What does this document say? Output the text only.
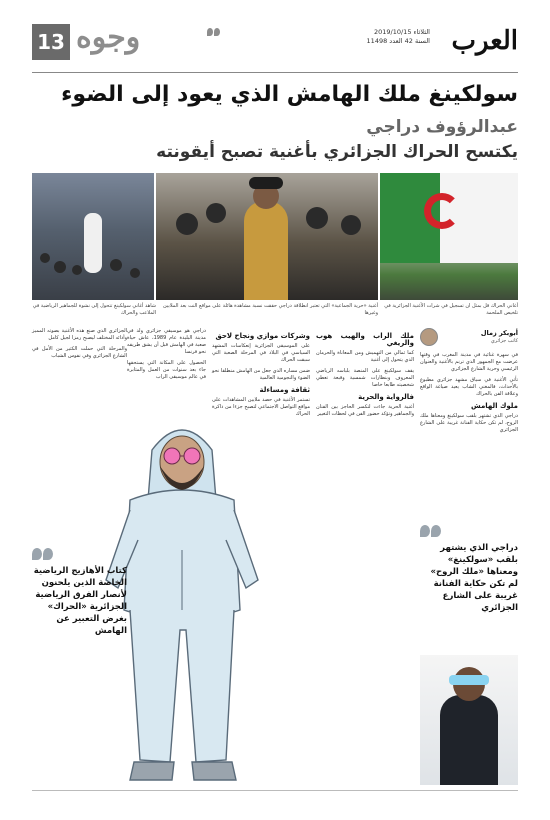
13 وجوه	الثلاثاء 2019/10/15
السنة 42 العدد 11498 العرب
سولكينغ ملك الهامش الذي يعود إلى الضوء
عبدالرؤوف دراجي
يكتسح الحراك الجزائري بأغنية تصبح أيقونته
أغاني الحراك قل بمثل ان تسجيل في شرات الأغنية الجزائرية في تلخيص الملحمة
أغنية «حرية الجماعية» التي تعتبر انطلاقة دراجي حققت نسبة مشاهدة هائلة على مواقع النت بعد الملايين وغيرها
شاهد أغاني سولكينغ تتحول إلى نشوة للجماهير الرياضية في الملاعب والحراك
أبوبكر زمال
كاتب جزائري

في سهرة غنائية في مدينة المغرب في وقتها عرضت مع الجمهور الذي ترنم بالأغنية والعنوان الرئيسي وحرية الشارع الجزائري

تأتي الأغنية في سياق مشهد جزائري مطبوع بالأحداث، فالمغني الشاب يعيد صياغة الواقع وعلاقة الفن بالحراك

ملوك الهامش

دراجي الذي تشتهر بلقب سولكينغ ومعناها ملك الروح، لم تكن حكاية الفنانة غريبة على الشارع الجزائري

ملك الراب والهيب هوب والريغي

كما ثمالي من التهميش ومن المعاناة والحرمان الذي يتحول إلى أغنية

يقف سولكينغ على المنصة بلباسه الرياضي المعروف وبنظارات شمسية وقبعة تعطي شخصيته طابعا خاصا

فالرواية والحرية

أغنية الحرية جاءت لتكسر الحاجز بين الفنان والجماهير وتؤكد حضور الفن في لحظات التغيير

وشركات موازي ونجاح لاحق

على الموسيقى الجزائرية إنعكاسات المشهد السياسي في البلاد في المرحلة الصعبة التي سبقت الحراك

ضمن مساره الذي جعل من الهامش منطلقا نحو الضوء والنجومية العالمية

ثقافة ومساءلة

تستمر الأغنية في حصد ملايين المشاهدات على مواقع التواصل الاجتماعي لتصبح جزءا من ذاكرة الحراك

الجزائري الذي صنع هذه الأغنية بصوته المميز وأدائه المختلف ليصبح رمزا لجيل كامل

والمرحلة التي حملت الكثير من الأمل في الشارع الجزائري وفي نفوس الشباب

دراجي هو موسيقي جزائري ولد في مدينة البليدة عام 1989، عاش حياة صعبة في الهامش قبل أن يشق طريقه نحو فرنسا

الحصول على المكانة التي يستحقها جاء بعد سنوات من العمل والمثابرة في عالم موسيقى الراب

دراجي الذي يشتهر بلقب «سولكينغ» ومعناها «ملك الروح» لم تكن حكاية الفنانة غريبة على الشارع الجزائري
كتاب الأهازيج الرياضية الخاصة الذين يلحنون لأنصار الفرق الرياضية الجزائرية «الحراك» بغرض التعبير عن الهامش
